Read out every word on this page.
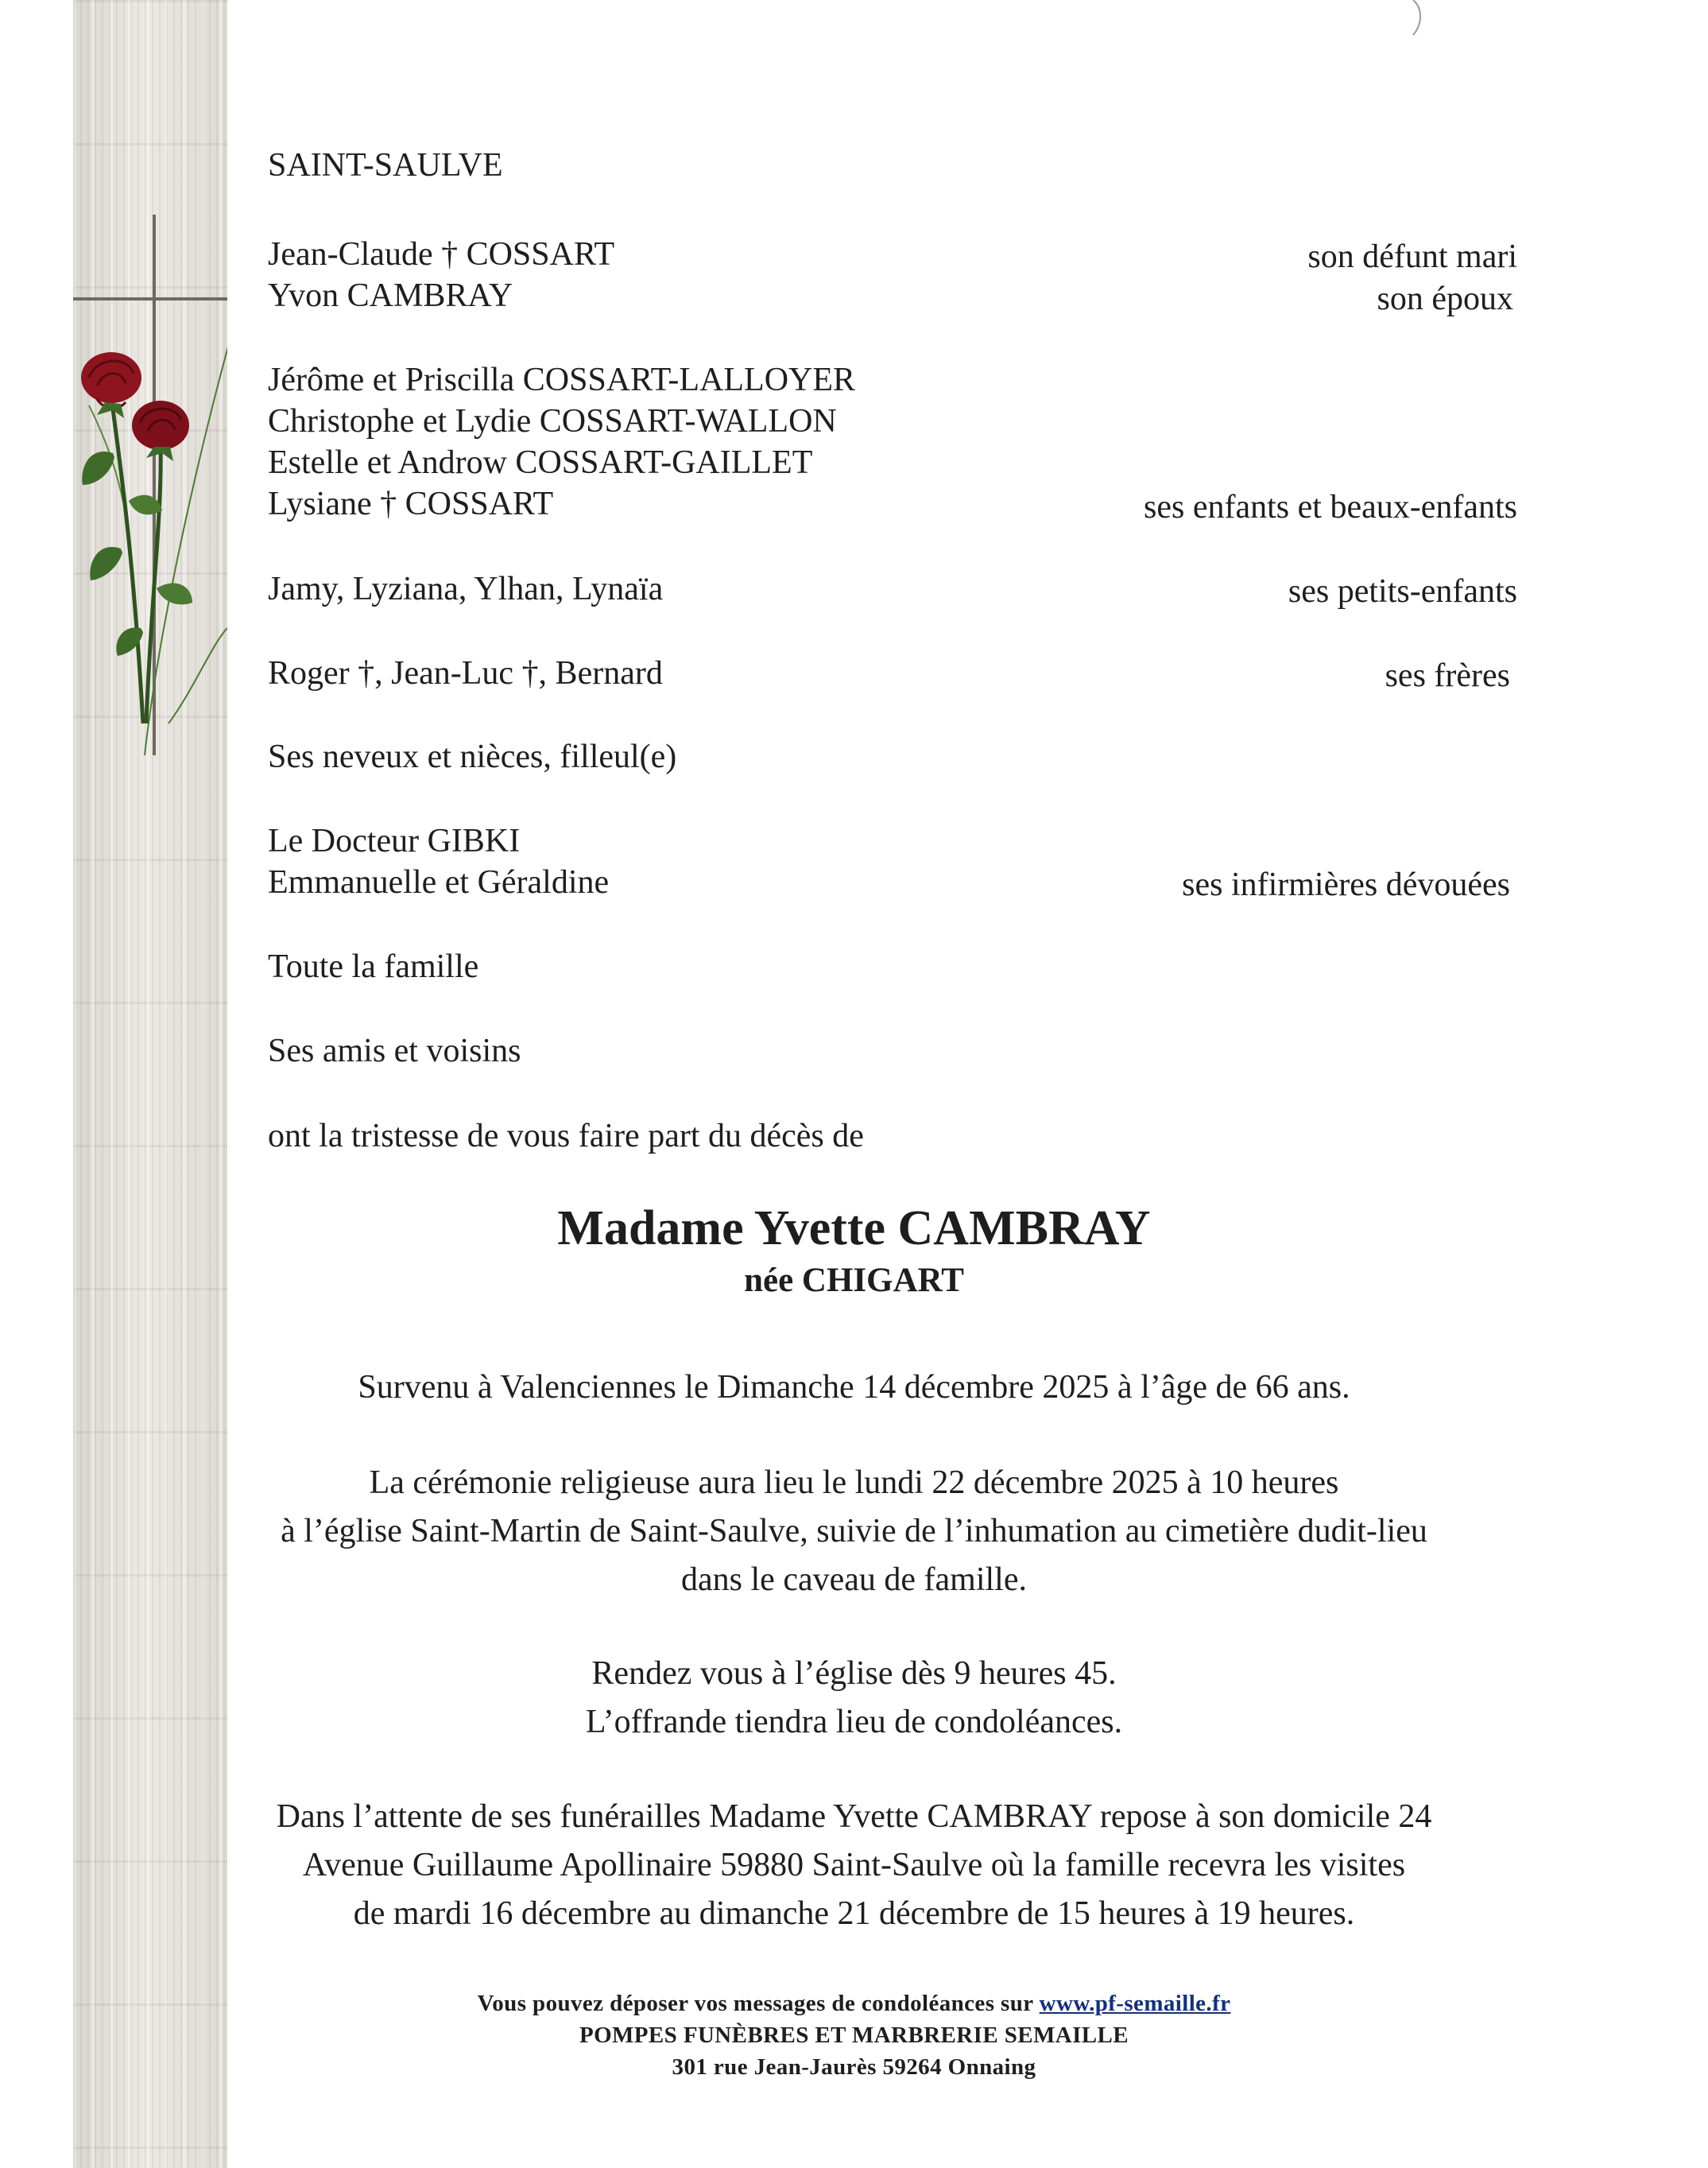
SAINT-SAULVE
Jean-Claude † COSSART
Yvon CAMBRAY
Jérôme et Priscilla COSSART-LALLOYER
Christophe et Lydie COSSART-WALLON
Estelle et Androw COSSART-GAILLET
Lysiane † COSSART
Jamy, Lyziana, Ylhan, Lynaïa
Roger †, Jean-Luc †, Bernard
Ses neveux et nièces, filleul(e)
Le Docteur GIBKI
Emmanuelle et Géraldine
Toute la famille
Ses amis et voisins
son défunt mari
son époux
ses enfants et beaux-enfants
ses petits-enfants
ses frères
ses infirmières dévouées
ont la tristesse de vous faire part du décès de
Madame Yvette CAMBRAY
née CHIGART
Survenu à Valenciennes le Dimanche 14 décembre 2025 à l’âge de 66 ans.
La cérémonie religieuse aura lieu le lundi 22 décembre 2025 à 10 heures
à l’église Saint-Martin de Saint-Saulve, suivie de l’inhumation au cimetière dudit-lieu
dans le caveau de famille.
Rendez vous à l’église dès 9 heures 45.
L’offrande tiendra lieu de condoléances.
Dans l’attente de ses funérailles Madame Yvette CAMBRAY repose à son domicile 24
Avenue Guillaume Apollinaire 59880 Saint-Saulve où la famille recevra les visites
de mardi 16 décembre au dimanche 21 décembre de 15 heures à 19 heures.
Vous pouvez déposer vos messages de condoléances sur www.pf-semaille.fr
POMPES FUNÈBRES ET MARBRERIE SEMAILLE
301 rue Jean-Jaurès 59264 Onnaing
